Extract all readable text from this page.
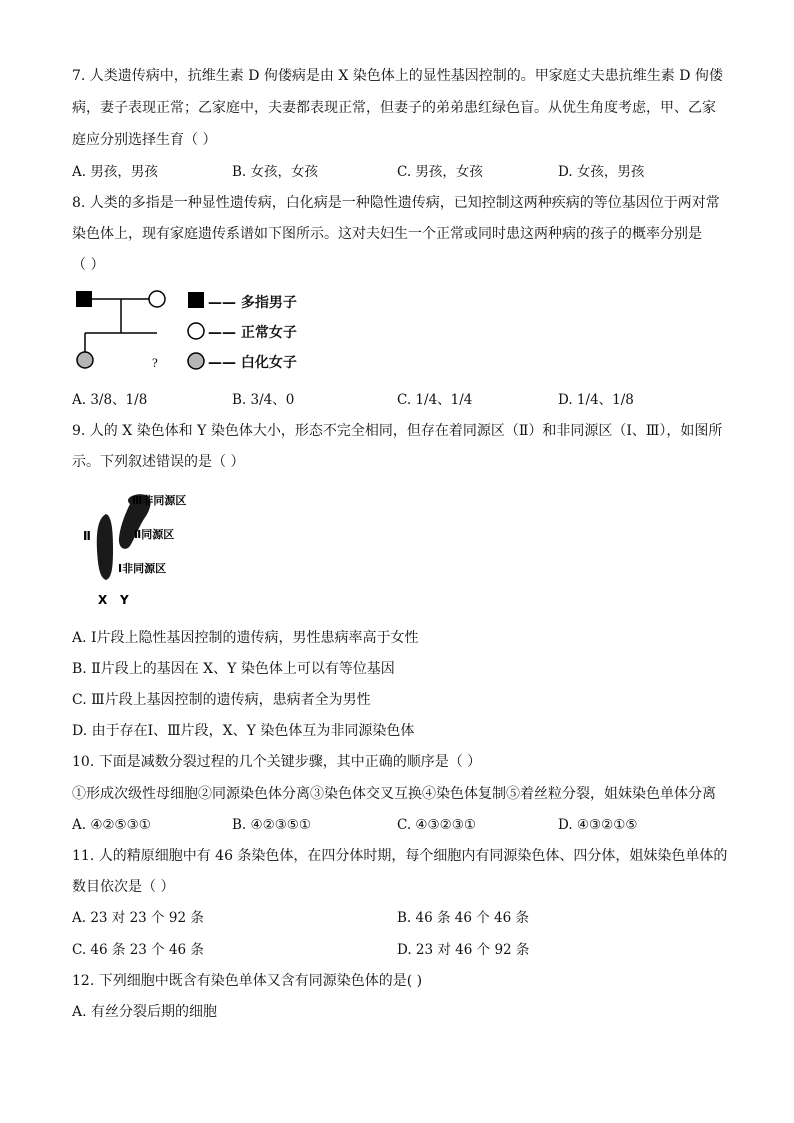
7. 人类遗传病中，抗维生素 D 佝偻病是由 X 染色体上的显性基因控制的。甲家庭丈夫患抗维生素 D 佝偻
病，妻子表现正常；乙家庭中，夫妻都表现正常，但妻子的弟弟患红绿色盲。从优生角度考虑，甲、乙家
庭应分别选择生育（ ）
A. 男孩，男孩	B. 女孩，女孩	C. 男孩，女孩	D. 女孩，男孩
8. 人类的多指是一种显性遗传病，白化病是一种隐性遗传病，已知控制这两种疾病的等位基因位于两对常
染色体上，现有家庭遗传系谱如下图所示。这对夫妇生一个正常或同时患这两种病的孩子的概率分别是
（ ）
?
—— 多指男子
—— 正常女子
—— 白化女子
A. 3/8、1/8	B. 3/4、0	C. 1/4、1/4	D. 1/4、1/8
9. 人的 X 染色体和 Y 染色体大小，形态不完全相同，但存在着同源区（Ⅱ）和非同源区（Ⅰ、Ⅲ），如图所
示。下列叙述错误的是（ ）
Ⅱ
Ⅲ非同源区
Ⅱ同源区
Ⅰ非同源区
X Y
A. Ⅰ片段上隐性基因控制的遗传病，男性患病率高于女性
B. Ⅱ片段上的基因在 X、Y 染色体上可以有等位基因
C. Ⅲ片段上基因控制的遗传病，患病者全为男性
D. 由于存在Ⅰ、Ⅲ片段，X、Y 染色体互为非同源染色体
10. 下面是减数分裂过程的几个关键步骤，其中正确的顺序是（ ）
①形成次级性母细胞②同源染色体分离③染色体交叉互换④染色体复制⑤着丝粒分裂，姐妹染色单体分离
A. ④②⑤③①	B. ④②③⑤①	C. ④③②③①	D. ④③②①⑤
11. 人的精原细胞中有 46 条染色体，在四分体时期，每个细胞内有同源染色体、四分体，姐妹染色单体的
数目依次是（ ）
A. 23 对 23 个 92 条	B. 46 条 46 个 46 条
C. 46 条 23 个 46 条	D. 23 对 46 个 92 条
12. 下列细胞中既含有染色单体又含有同源染色体的是( )
A. 有丝分裂后期的细胞
